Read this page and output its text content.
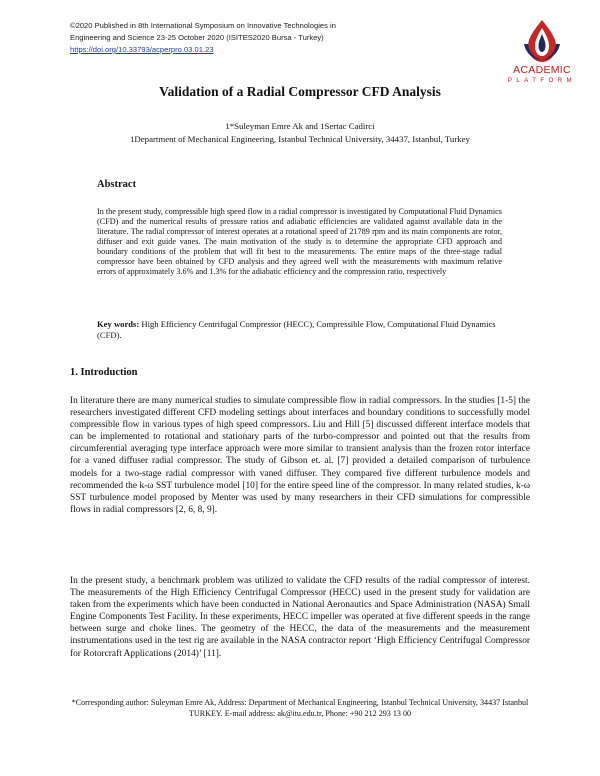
©2020 Published in 8th International Symposium on Innovative Technologies in
Engineering and Science 23-25 October 2020 (ISITES2020 Bursa - Turkey)
https://doi.org/10.33793/acperpro.03.01.23
ACADEMIC
PLATFORM
Validation of a Radial Compressor CFD Analysis
1*Suleyman Emre Ak and 1Sertac Cadirci
1Department of Mechanical Engineering, Istanbul Technical University, 34437, Istanbul, Turkey
Abstract
In the present study, compressible high speed flow in a radial compressor is investigated by Computational Fluid Dynamics (CFD) and the numerical results of pressure ratios and adiabatic efficiencies are validated against available data in the literature. The radial compressor of interest operates at a rotational speed of 21789 rpm and its main components are rotor, diffuser and exit guide vanes. The main motivation of the study is to determine the appropriate CFD approach and boundary conditions of the problem that will fit best to the measurements. The entire maps of the three-stage radial compressor have been obtained by CFD analysis and they agreed well with the measurements with maximum relative errors of approximately 3.6% and 1.3% for the adiabatic efficiency and the compression ratio, respectively
Key words: High Efficiency Centrifugal Compressor (HECC), Compressible Flow, Computational Fluid Dynamics (CFD).
1. Introduction
In literature there are many numerical studies to simulate compressible flow in radial compressors. In the studies [1-5] the researchers investigated different CFD modeling settings about interfaces and boundary conditions to successfully model compressible flow in various types of high speed compressors. Liu and Hill [5] discussed different interface models that can be implemented to rotational and stationary parts of the turbo-compressor and pointed out that the results from circumferential averaging type interface approach were more similar to transient analysis than the frozen rotor interface for a vaned diffuser radial compressor. The study of Gibson et. al. [7] provided a detailed comparison of turbulence models for a two-stage radial compressor with vaned diffuser. They compared five different turbulence models and recommended the k-ω SST turbulence model [10] for the entire speed line of the compressor. In many related studies, k-ω SST turbulence model proposed by Menter was used by many researchers in their CFD simulations for compressible flows in radial compressors [2, 6, 8, 9].
In the present study, a benchmark problem was utilized to validate the CFD results of the radial compressor of interest. The measurements of the High Efficiency Centrifugal Compressor (HECC) used in the present study for validation are taken from the experiments which have been conducted in National Aeronautics and Space Administration (NASA) Small Engine Components Test Facility. In these experiments, HECC impeller was operated at five different speeds in the range between surge and choke lines. The geometry of the HECC, the data of the measurements and the measurement instrumentations used in the test rig are available in the NASA contractor report ‘High Efficiency Centrifugal Compressor for Rotorcraft Applications (2014)’ [11].
*Corresponding author: Suleyman Emre Ak, Address: Department of Mechanical Engineering, Istanbul Technical University, 34437 Istanbul TURKEY. E-mail address: ak@itu.edu.tr, Phone: +90 212 293 13 00
